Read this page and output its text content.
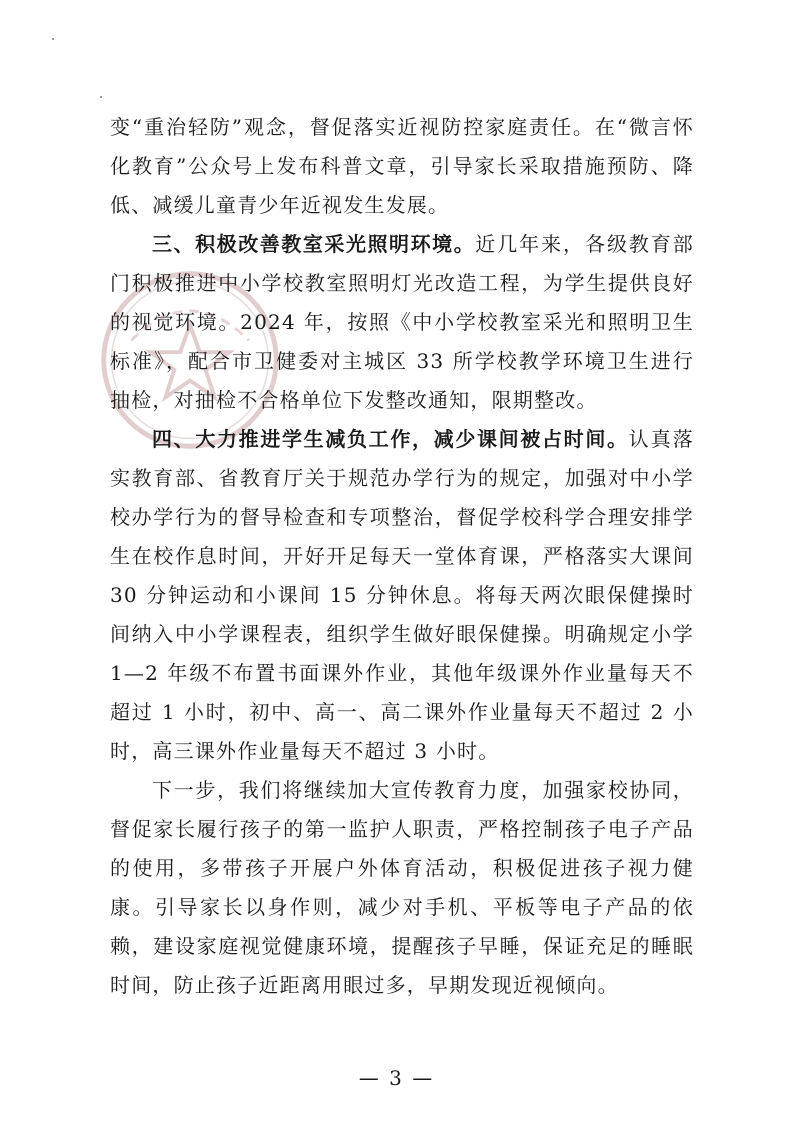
变“重治轻防”观念，督促落实近视防控家庭责任。在“微言怀化教育”公众号上发布科普文章，引导家长采取措施预防、降低、减缓儿童青少年近视发生发展。

三、积极改善教室采光照明环境。近几年来，各级教育部门积极推进中小学校教室照明灯光改造工程，为学生提供良好的视觉环境。2024 年，按照《中小学校教室采光和照明卫生标准》，配合市卫健委对主城区 33 所学校教学环境卫生进行抽检，对抽检不合格单位下发整改通知，限期整改。

四、大力推进学生减负工作，减少课间被占时间。认真落实教育部、省教育厅关于规范办学行为的规定，加强对中小学校办学行为的督导检查和专项整治，督促学校科学合理安排学生在校作息时间，开好开足每天一堂体育课，严格落实大课间 30 分钟运动和小课间 15 分钟休息。将每天两次眼保健操时间纳入中小学课程表，组织学生做好眼保健操。明确规定小学 1—2 年级不布置书面课外作业，其他年级课外作业量每天不超过 1 小时，初中、高一、高二课外作业量每天不超过 2 小时，高三课外作业量每天不超过 3 小时。

下一步，我们将继续加大宣传教育力度，加强家校协同，督促家长履行孩子的第一监护人职责，严格控制孩子电子产品的使用，多带孩子开展户外体育活动，积极促进孩子视力健康。引导家长以身作则，减少对手机、平板等电子产品的依赖，建设家庭视觉健康环境，提醒孩子早睡，保证充足的睡眠时间，防止孩子近距离用眼过多，早期发现近视倾向。

— 3 —
